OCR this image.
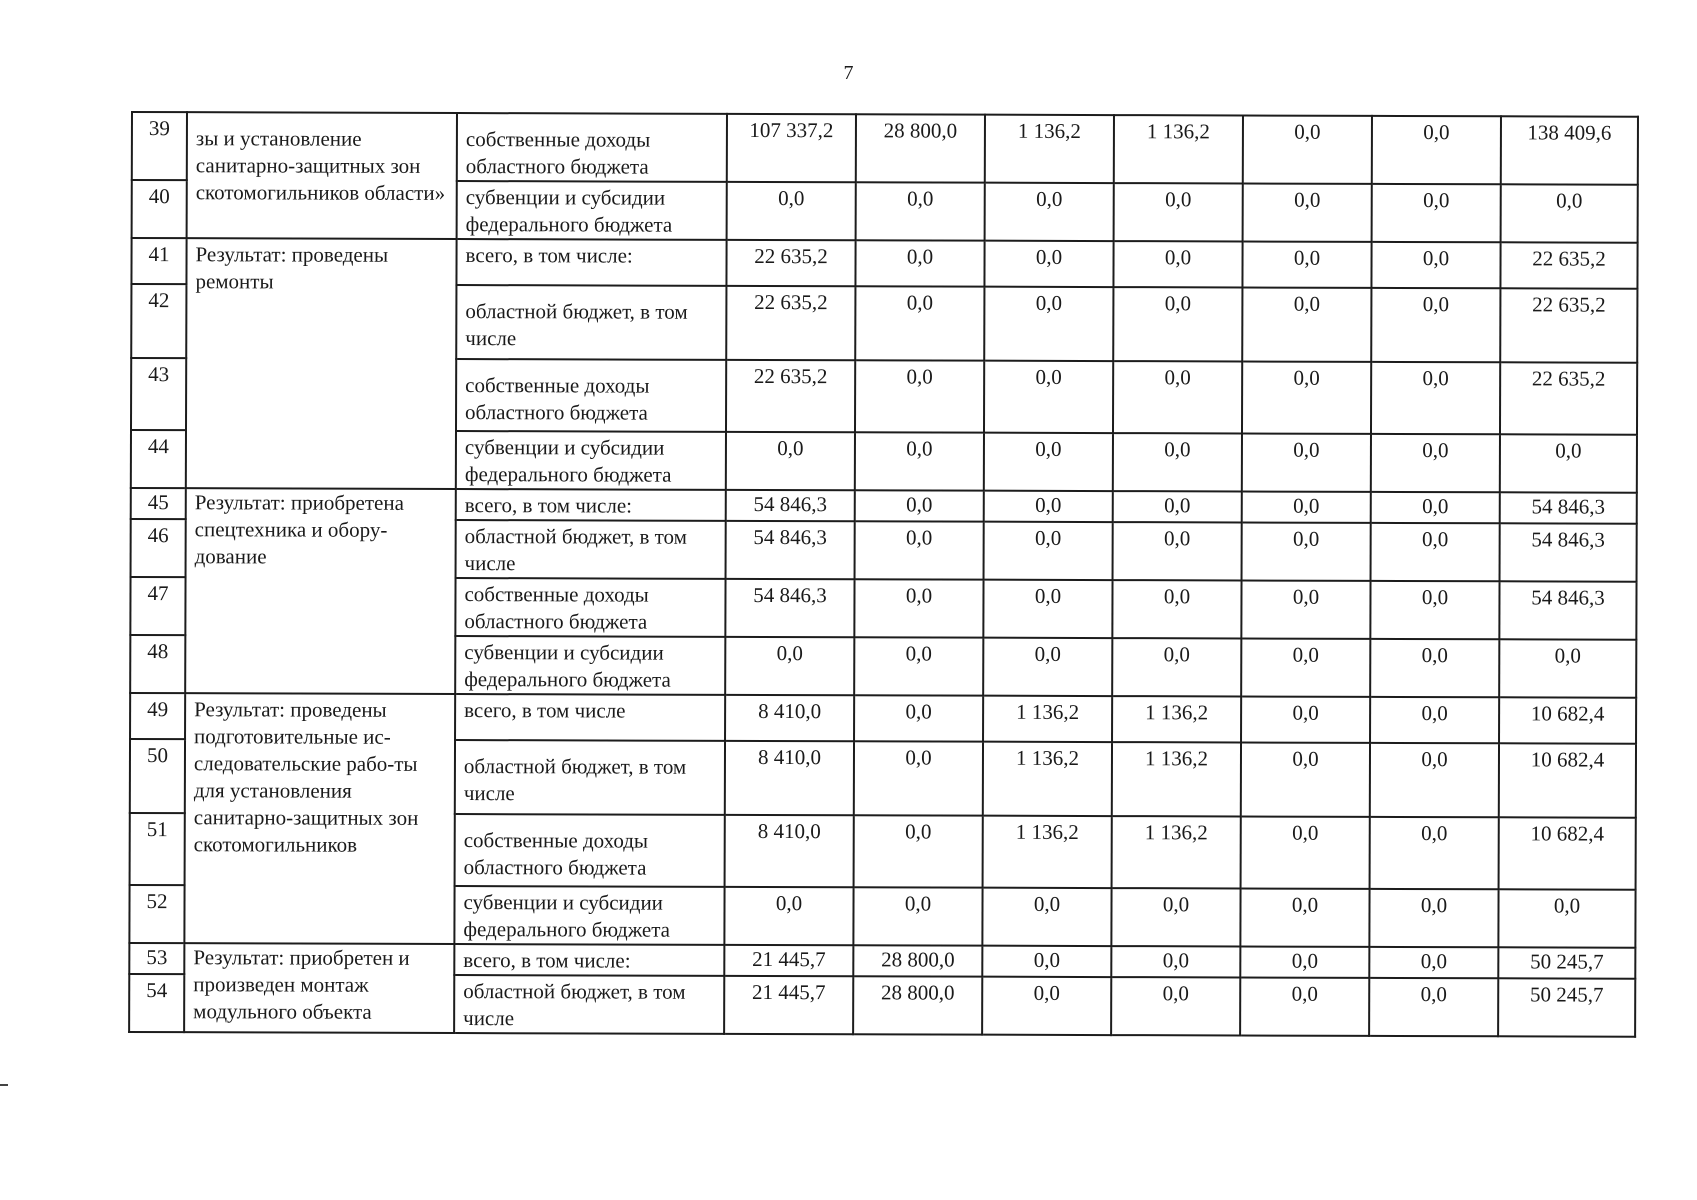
7
39	зы и установление санитарно-защитных зон скотомогильников области»	собственные доходы областного бюджета	107 337,2	28 800,0	1 136,2	1 136,2	0,0	0,0	138 409,6
40		субвенции и субсидии федерального бюджета	0,0	0,0	0,0	0,0	0,0	0,0	0,0
41	Результат: проведены ремонты	всего, в том числе:	22 635,2	0,0	0,0	0,0	0,0	0,0	22 635,2
42		областной бюджет, в том числе	22 635,2	0,0	0,0	0,0	0,0	0,0	22 635,2
43		собственные доходы областного бюджета	22 635,2	0,0	0,0	0,0	0,0	0,0	22 635,2
44		субвенции и субсидии федерального бюджета	0,0	0,0	0,0	0,0	0,0	0,0	0,0
45	Результат: приобретена спецтехника и обору-дование	всего, в том числе:	54 846,3	0,0	0,0	0,0	0,0	0,0	54 846,3
46		областной бюджет, в том числе	54 846,3	0,0	0,0	0,0	0,0	0,0	54 846,3
47		собственные доходы областного бюджета	54 846,3	0,0	0,0	0,0	0,0	0,0	54 846,3
48		субвенции и субсидии федерального бюджета	0,0	0,0	0,0	0,0	0,0	0,0	0,0
49	Результат: проведены подготовительные ис-следовательские рабо-ты для установления санитарно-защитных зон скотомогильников	всего, в том числе	8 410,0	0,0	1 136,2	1 136,2	0,0	0,0	10 682,4
50		областной бюджет, в том числе	8 410,0	0,0	1 136,2	1 136,2	0,0	0,0	10 682,4
51		собственные доходы областного бюджета	8 410,0	0,0	1 136,2	1 136,2	0,0	0,0	10 682,4
52		субвенции и субсидии федерального бюджета	0,0	0,0	0,0	0,0	0,0	0,0	0,0
53	Результат: приобретен и произведен монтаж модульного объекта	всего, в том числе:	21 445,7	28 800,0	0,0	0,0	0,0	0,0	50 245,7
54		областной бюджет, в том числе	21 445,7	28 800,0	0,0	0,0	0,0	0,0	50 245,7
